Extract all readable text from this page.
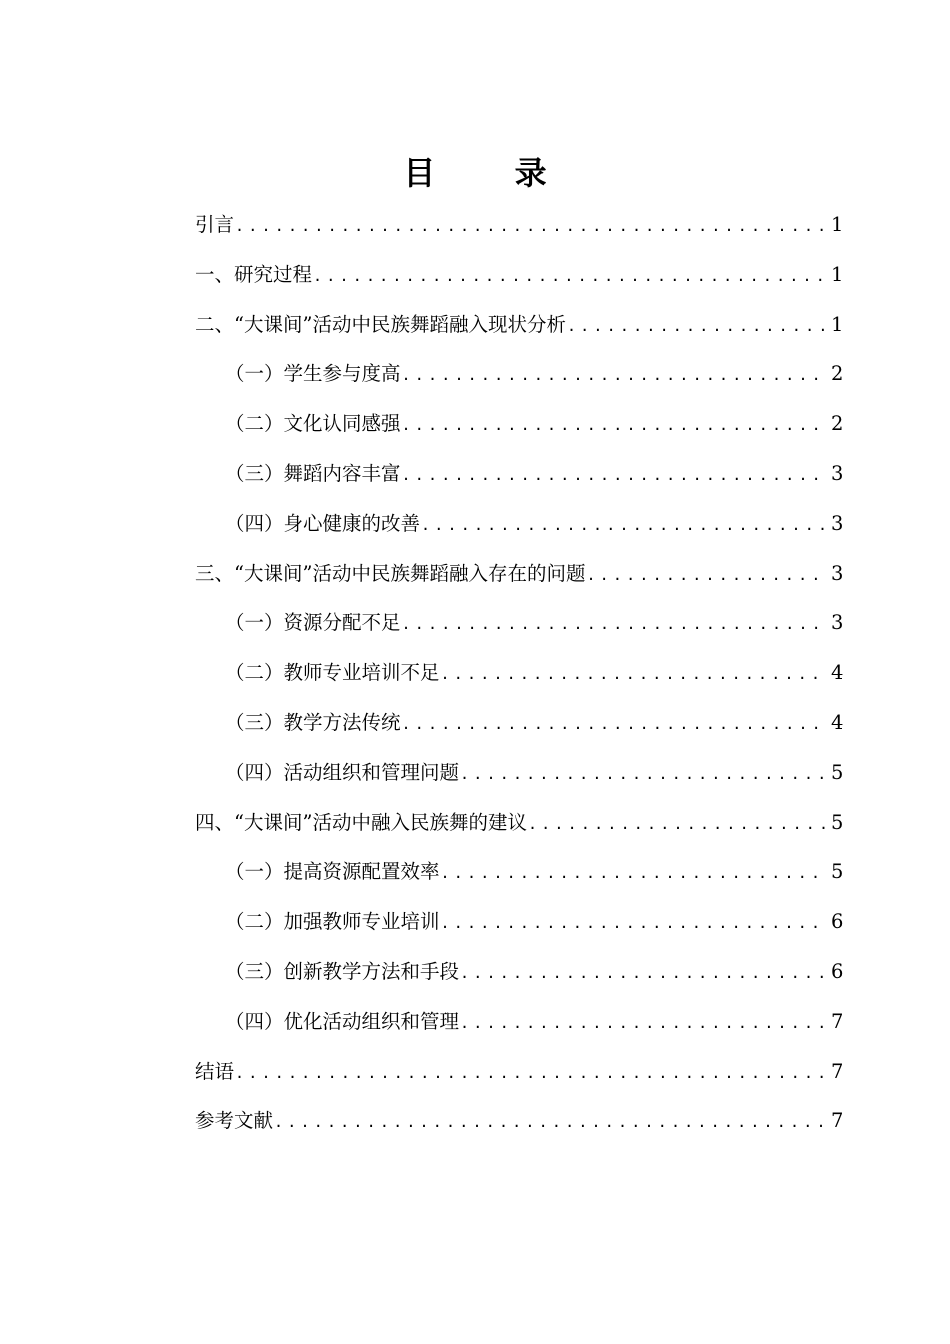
目 录
引言 .....	1
一、研究过程 .....	1
二、“大课间”活动中民族舞蹈融入现状分析 .....	1
（一）学生参与度高 .....	2
（二）文化认同感强 .....	2
（三）舞蹈内容丰富 .....	3
（四）身心健康的改善 .....	3
三、“大课间”活动中民族舞蹈融入存在的问题 .....	3
（一）资源分配不足 .....	3
（二）教师专业培训不足 .....	4
（三）教学方法传统 .....	4
（四）活动组织和管理问题 .....	5
四、“大课间”活动中融入民族舞的建议 .....	5
（一）提高资源配置效率 .....	5
（二）加强教师专业培训 .....	6
（三）创新教学方法和手段 .....	6
（四）优化活动组织和管理 .....	7
结语 .....	7
参考文献 .....	7
